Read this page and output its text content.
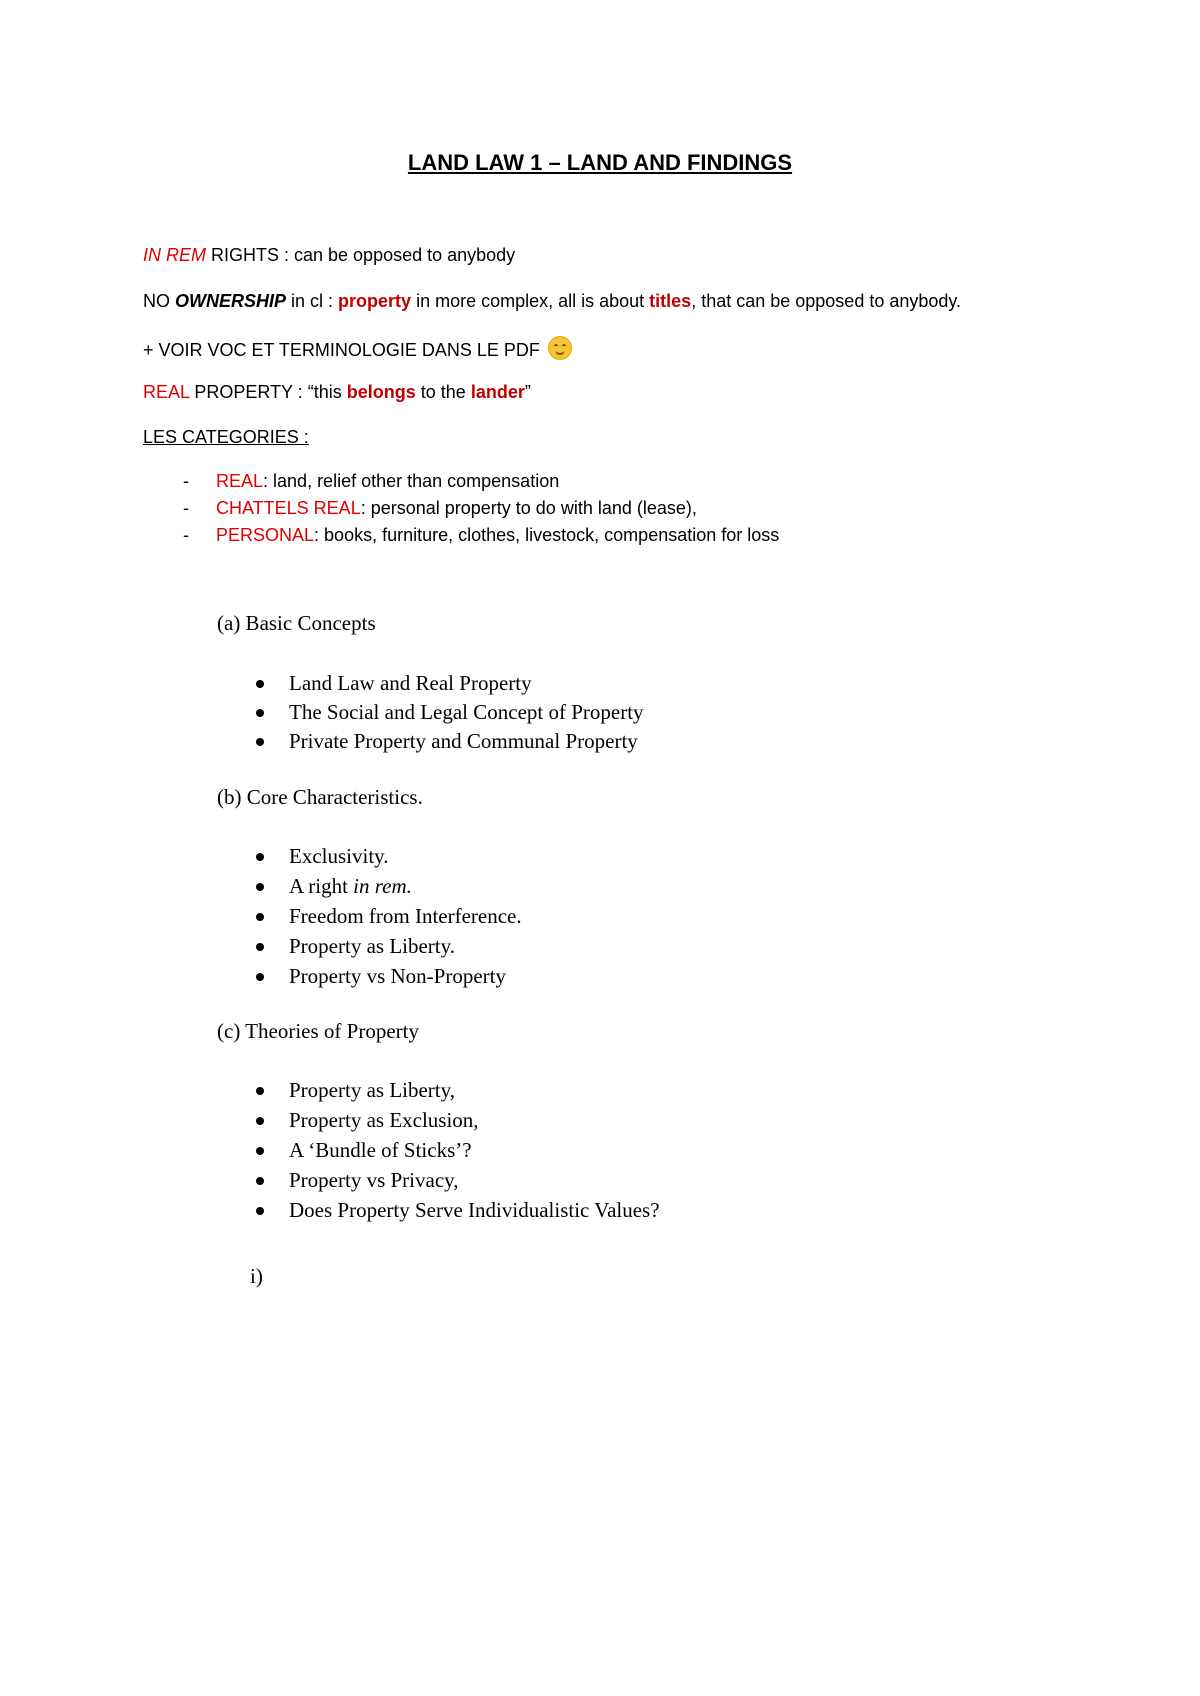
LAND LAW 1 – LAND AND FINDINGS
IN REM RIGHTS : can be opposed to anybody
NO OWNERSHIP in cl : property in more complex, all is about titles, that can be opposed to anybody.
+ VOIR VOC ET TERMINOLOGIE DANS LE PDF
REAL PROPERTY : “this belongs to the lander”
LES CATEGORIES :
- REAL: land, relief other than compensation
- CHATTELS REAL: personal property to do with land (lease),
- PERSONAL: books, furniture, clothes, livestock, compensation for loss
(a) Basic Concepts
Land Law and Real Property
The Social and Legal Concept of Property
Private Property and Communal Property
(b) Core Characteristics.
Exclusivity.
A right in rem.
Freedom from Interference.
Property as Liberty.
Property vs Non-Property
(c) Theories of Property
Property as Liberty,
Property as Exclusion,
A ‘Bundle of Sticks’?
Property vs Privacy,
Does Property Serve Individualistic Values?
i)
